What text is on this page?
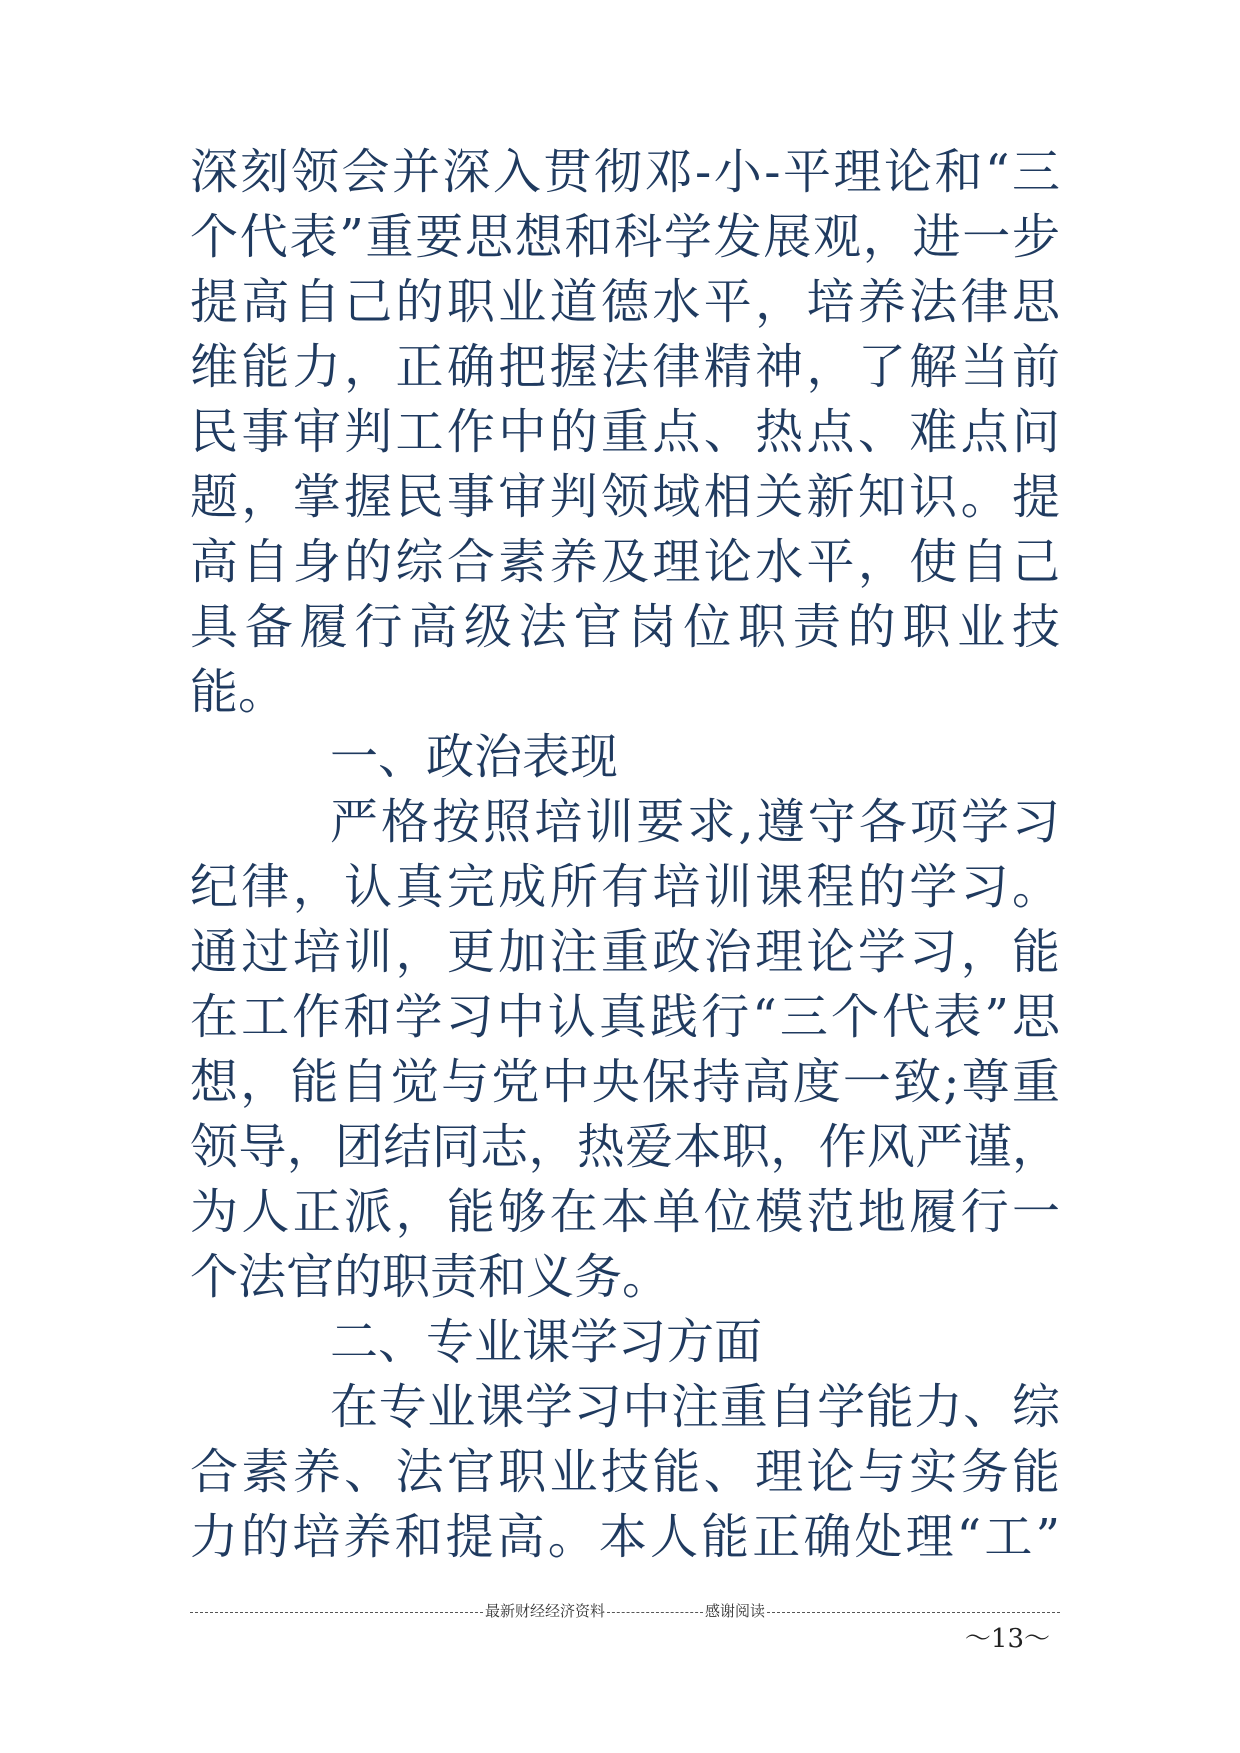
深刻领会并深入贯彻邓-小-平理论和“三
个代表”重要思想和科学发展观，进一步
提高自己的职业道德水平，培养法律思
维能力，正确把握法律精神，了解当前
民事审判工作中的重点、热点、难点问
题，掌握民事审判领域相关新知识。提
高自身的综合素养及理论水平，使自己
具备履行高级法官岗位职责的职业技
能。
一、政治表现
严格按照培训要求,遵守各项学习
纪律，认真完成所有培训课程的学习。
通过培训，更加注重政治理论学习，能
在工作和学习中认真践行“三个代表”思
想，能自觉与党中央保持高度一致;尊重
领导，团结同志，热爱本职，作风严谨，
为人正派，能够在本单位模范地履行一
个法官的职责和义务。
二、专业课学习方面
在专业课学习中注重自学能力、综
合素养、法官职业技能、理论与实务能
力的培养和提高。本人能正确处理“工”
最新财经经济资料	感谢阅读
～13～
